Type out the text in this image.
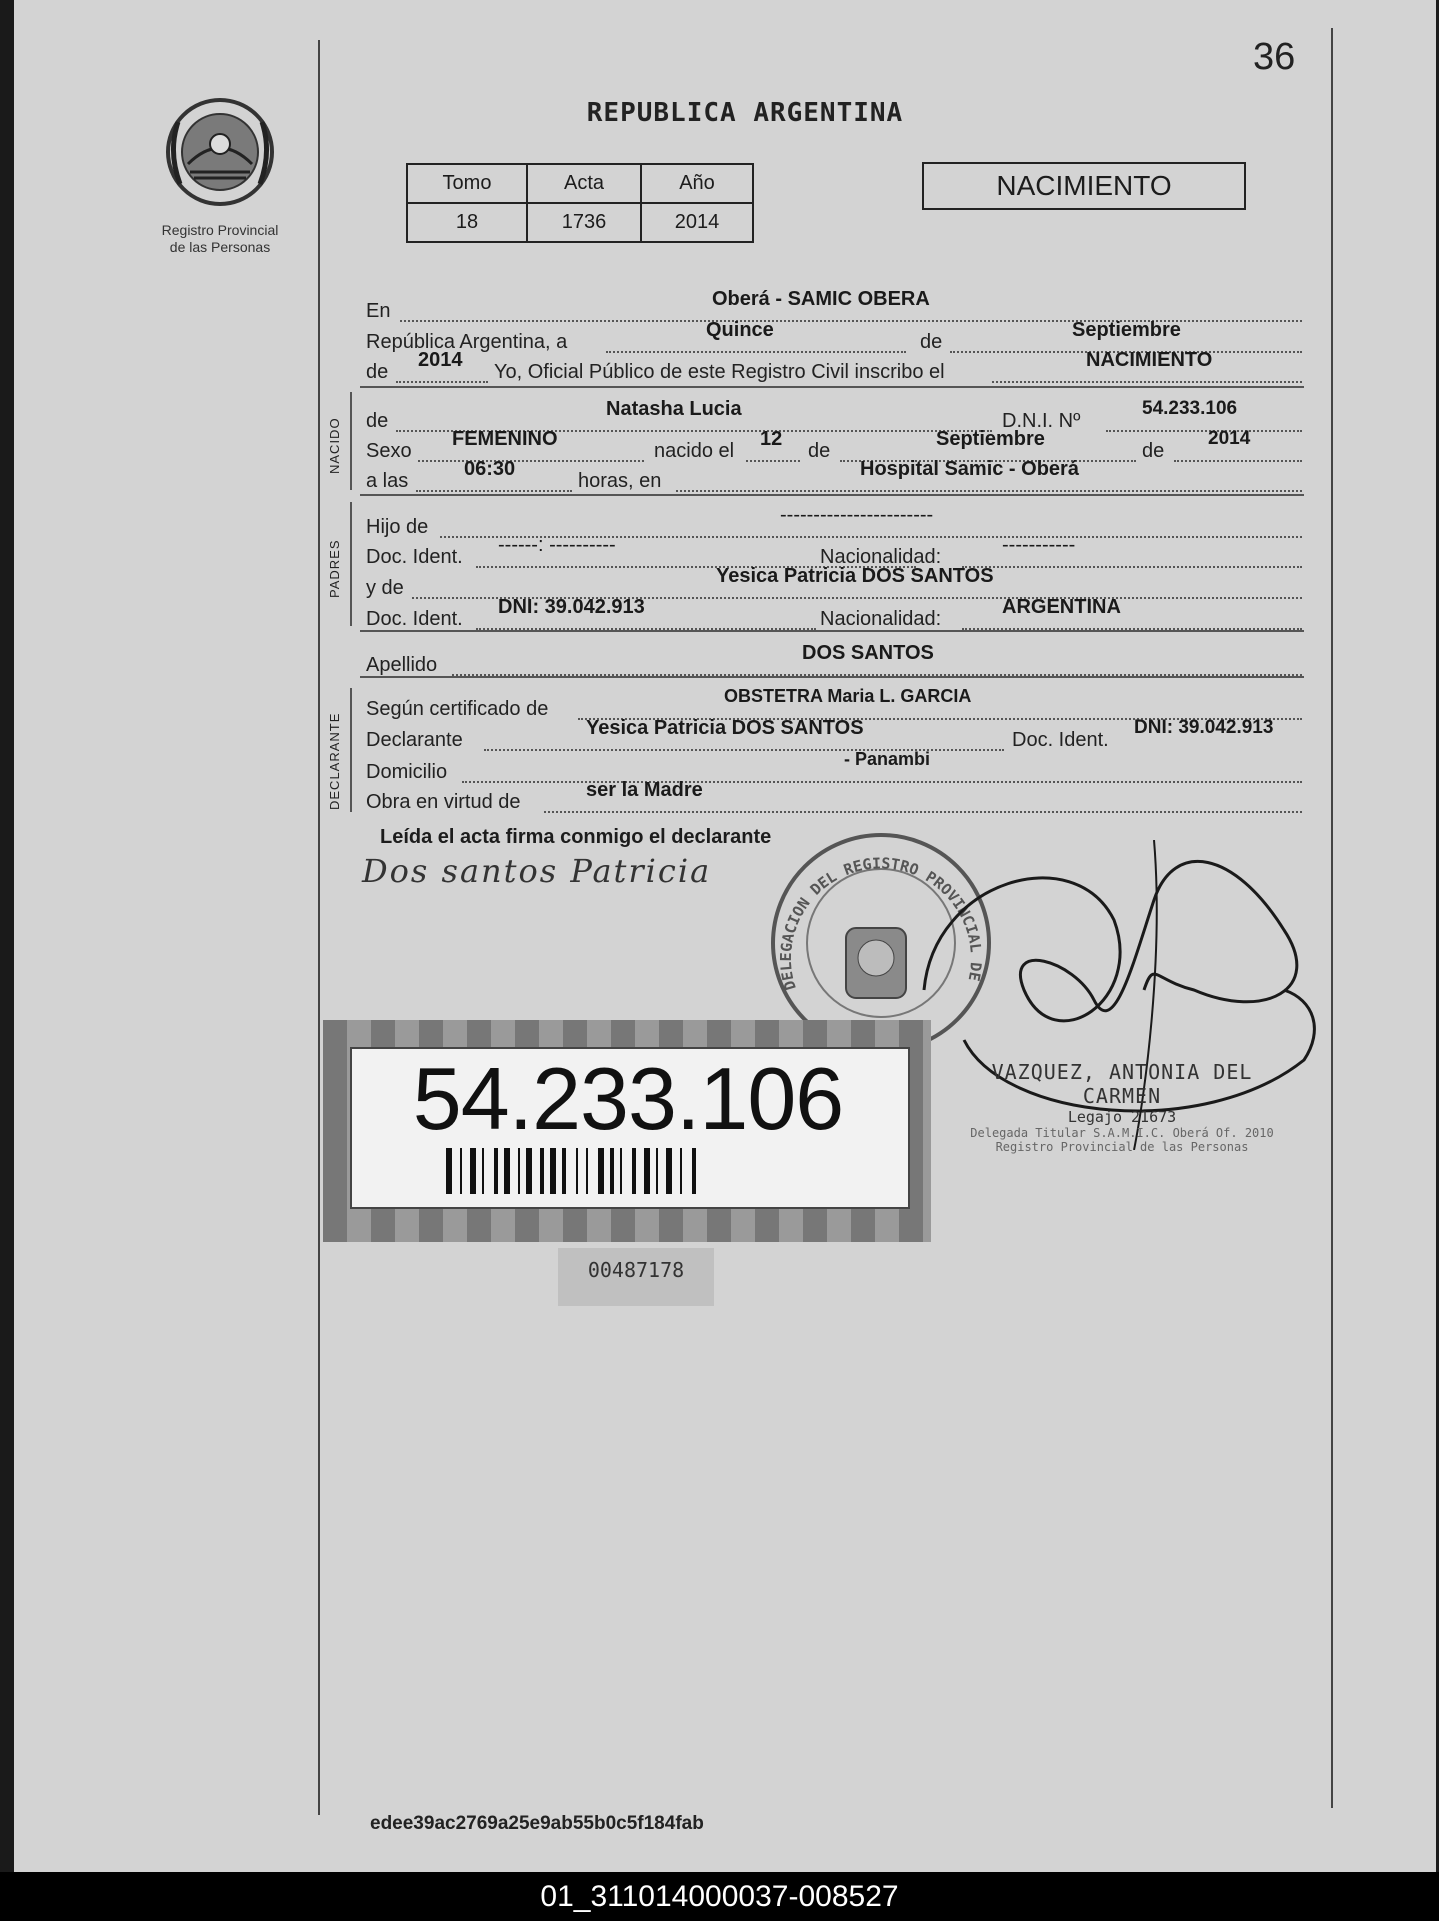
36
Registro Provincial
de las Personas
REPUBLICA ARGENTINA
Tomo	Acta	Año
18	1736	2014
NACIMIENTO
En
Oberá - SAMIC OBERA
República Argentina, a
Quince
de
Septiembre
de
2014
Yo, Oficial Público de este Registro Civil inscribo el
NACIMIENTO
NACIDO de
Natasha Lucia
D.N.I. Nº
54.233.106
Sexo
FEMENINO
nacido el
12
de
Septiembre
de
2014
a las
06:30
horas, en
Hospital Samic - Oberá
PADRES
Hijo de
-----------------------
Doc. Ident.
------: ----------
Nacionalidad:
-----------
y de
Yesica Patricia DOS SANTOS
Doc. Ident.
DNI: 39.042.913
Nacionalidad:
ARGENTINA
Apellido
DOS SANTOS
DECLARANTE
Según certificado de
OBSTETRA Maria L. GARCIA
Declarante
Yesica Patricia DOS SANTOS
Doc. Ident.
DNI: 39.042.913
Domicilio
- Panambi
Obra en virtud de
ser la Madre
Leída el acta firma conmigo el declarante
Dos santos Patricia
DELEGACION DEL REGISTRO PROVINCIAL DE
VAZQUEZ, ANTONIA DEL CARMEN
Legajo 21673
Delegada Titular S.A.M.I.C. Oberá Of. 2010
Registro Provincial de las Personas
54.233.106
00487178
edee39ac2769a25e9ab55b0c5f184fab
01_311014000037-008527
